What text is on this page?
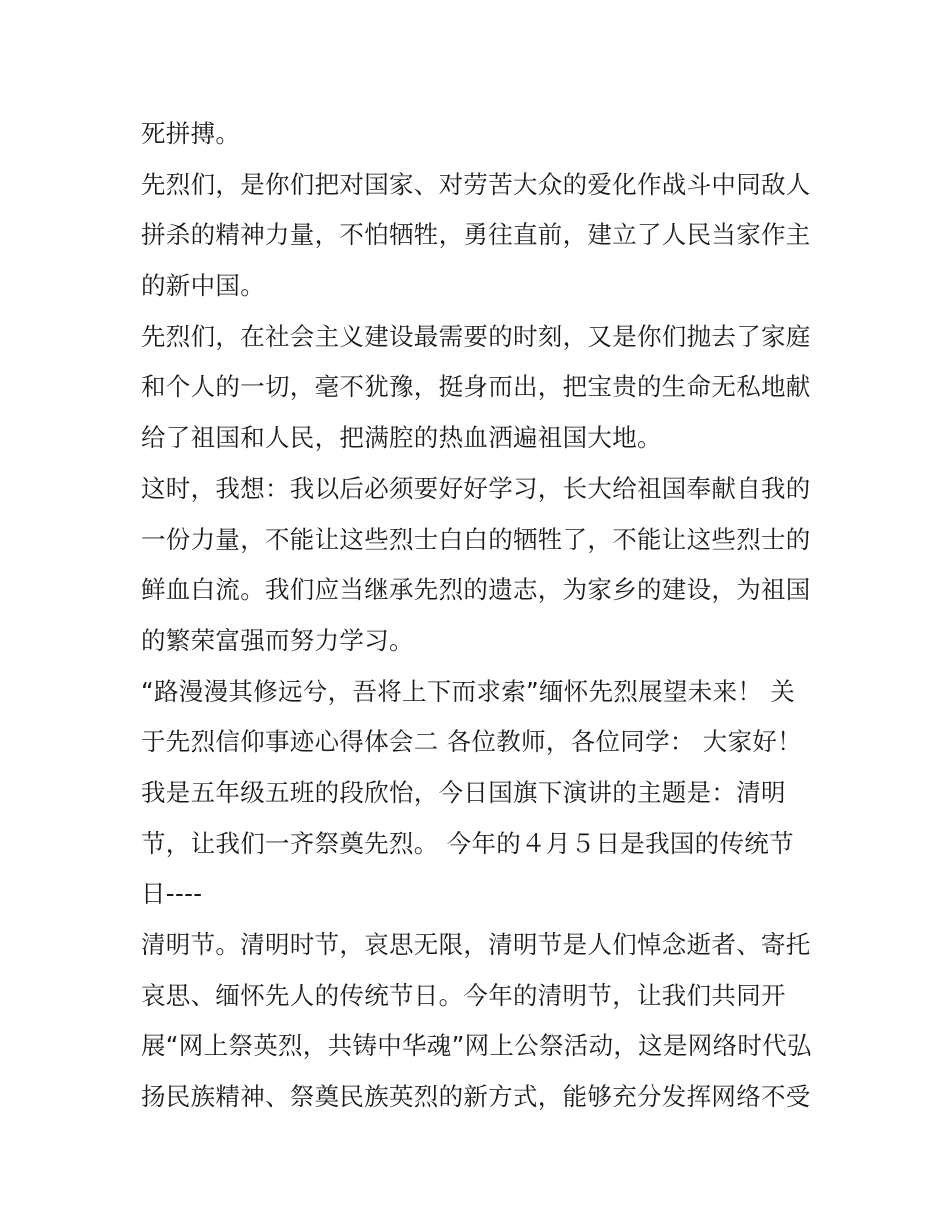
死拼搏。
先烈们，是你们把对国家、对劳苦大众的爱化作战斗中同敌人
拼杀的精神力量，不怕牺牲，勇往直前，建立了人民当家作主
的新中国。
先烈们，在社会主义建设最需要的时刻，又是你们抛去了家庭
和个人的一切，毫不犹豫，挺身而出，把宝贵的生命无私地献
给了祖国和人民，把满腔的热血洒遍祖国大地。
这时，我想：我以后必须要好好学习，长大给祖国奉献自我的
一份力量，不能让这些烈士白白的牺牲了，不能让这些烈士的
鲜血白流。我们应当继承先烈的遗志，为家乡的建设，为祖国
的繁荣富强而努力学习。
“路漫漫其修远兮，吾将上下而求索”缅怀先烈展望未来！ 关
于先烈信仰事迹心得体会二 各位教师，各位同学： 大家好！
我是五年级五班的段欣怡，今日国旗下演讲的主题是：清明
节，让我们一齐祭奠先烈。 今年的４月５日是我国的传统节
日----
清明节。清明时节，哀思无限，清明节是人们悼念逝者、寄托
哀思、缅怀先人的传统节日。今年的清明节，让我们共同开
展“网上祭英烈，共铸中华魂”网上公祭活动，这是网络时代弘
扬民族精神、祭奠民族英烈的新方式，能够充分发挥网络不受
